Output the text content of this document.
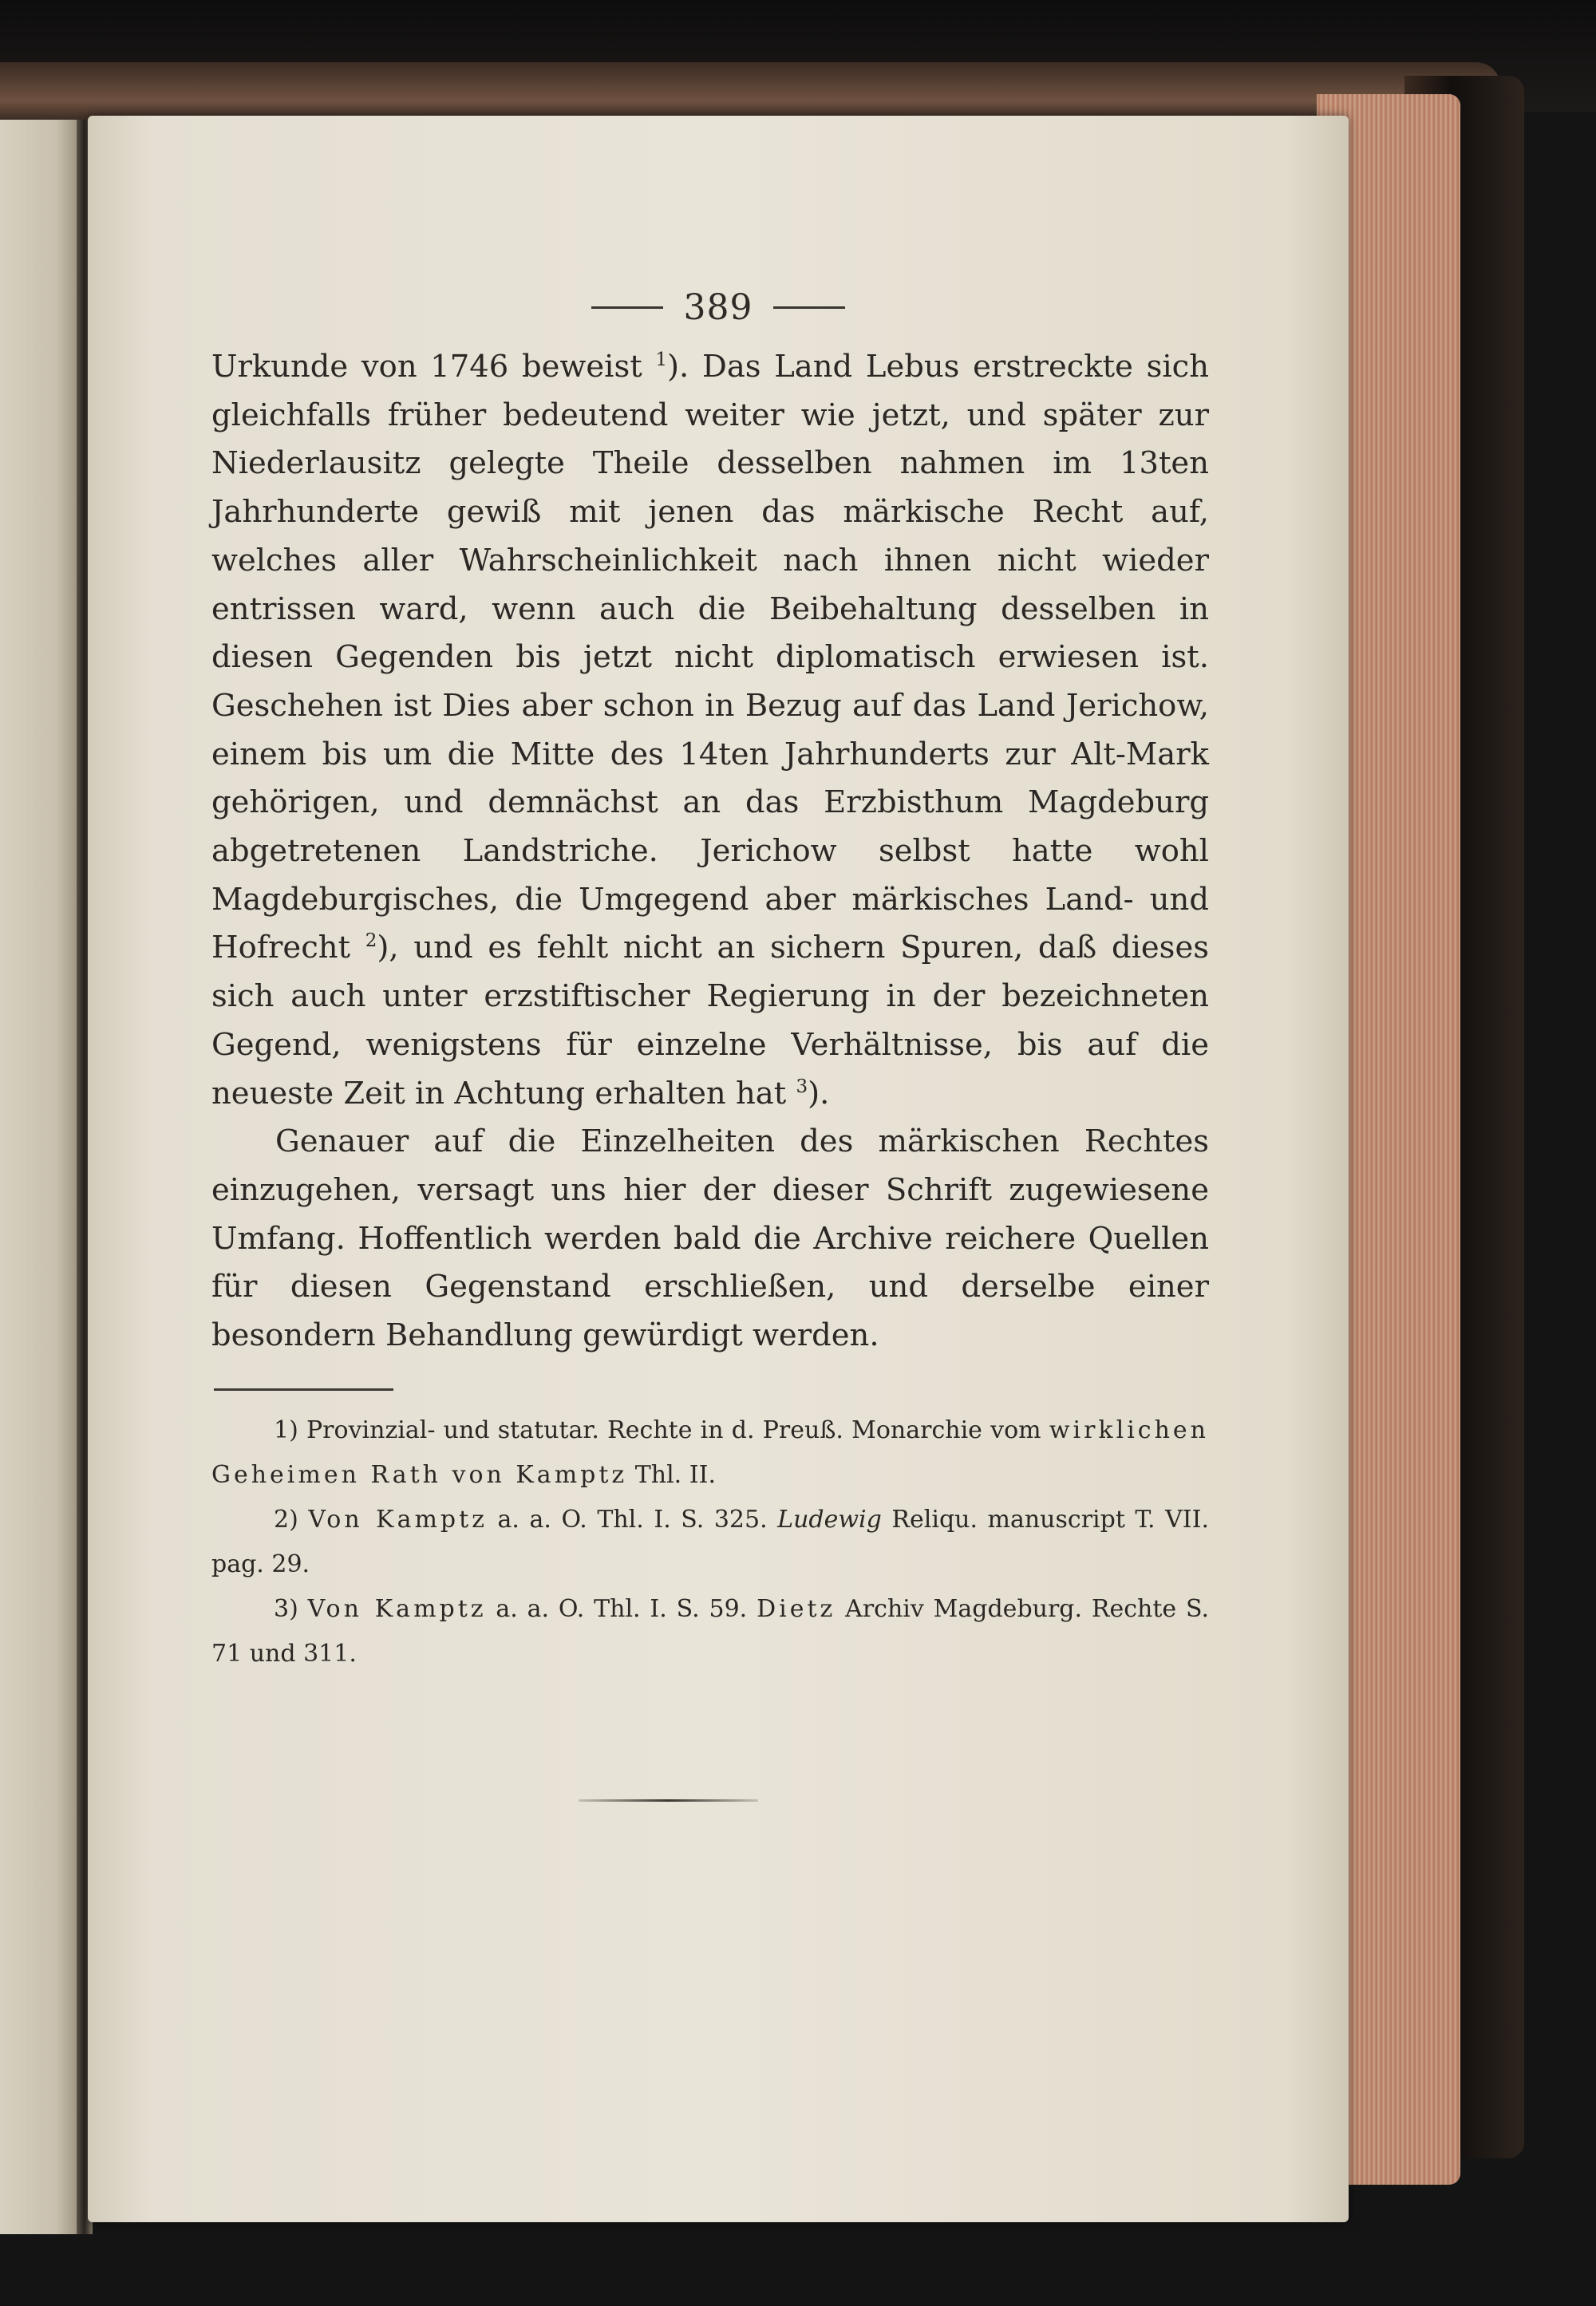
389

Urkunde von 1746 beweist $^1$). Das Land Lebus erstreckte sich gleichfalls früher bedeutend weiter wie jetzt, und später zur Niederlausitz gelegte Theile desselben nahmen im 13ten Jahrhunderte gewiß mit jenen das märkische Recht auf, welches aller Wahrscheinlichkeit nach ihnen nicht wieder entrissen ward, wenn auch die Beibehaltung desselben in diesen Gegenden bis jetzt nicht diplomatisch erwiesen ist. Geschehen ist Dies aber schon in Bezug auf das Land Jerichow, einem bis um die Mitte des 14ten Jahrhunderts zur Alt-Mark gehörigen, und demnächst an das Erzbisthum Magdeburg abgetretenen Landstriche. Jerichow selbst hatte wohl Magdeburgisches, die Umgegend aber märkisches Land- und Hofrecht $^2$), und es fehlt nicht an sichern Spuren, daß dieses sich auch unter erzstiftischer Regierung in der bezeichneten Gegend, wenigstens für einzelne Verhältnisse, bis auf die neueste Zeit in Achtung erhalten hat $^3$).

Genauer auf die Einzelheiten des märkischen Rechtes einzugehen, versagt uns hier der dieser Schrift zugewiesene Umfang. Hoffentlich werden bald die Archive reichere Quellen für diesen Gegenstand erschließen, und derselbe einer besondern Behandlung gewürdigt werden.

1) Provinzial- und statutar. Rechte in d. Preuß. Monarchie vom wirklichen Geheimen Rath von Kamptz Thl. II.

2) Von Kamptz a. a. O. Thl. I. S. 325. Ludewig Reliqu. manuscript T. VII. pag. 29.

3) Von Kamptz a. a. O. Thl. I. S. 59. Dietz Archiv Magdeburg. Rechte S. 71 und 311.
